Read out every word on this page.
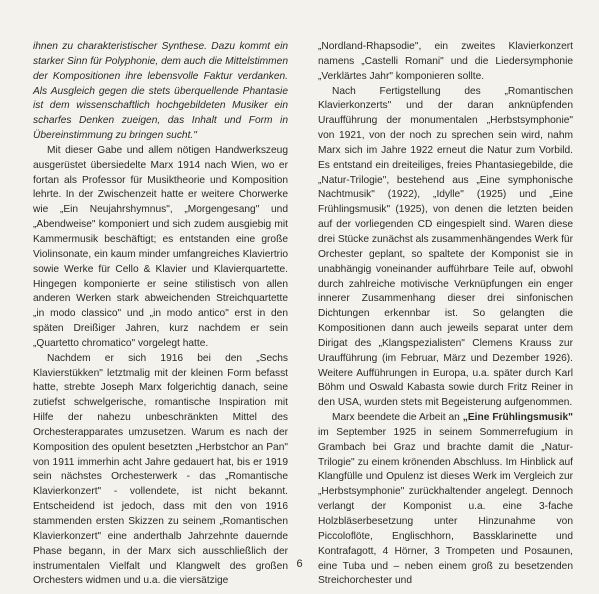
ihnen zu charakteristischer Synthese. Dazu kommt ein starker Sinn für Polyphonie, dem auch die Mittelstimmen der Kompositionen ihre lebensvolle Faktur verdanken. Als Ausgleich gegen die stets überquellende Phantasie ist dem wissenschaftlich hochgebildeten Musiker ein scharfes Denken zueigen, das Inhalt und Form in Übereinstimmung zu bringen sucht."

Mit dieser Gabe und allem nötigen Handwerkszeug ausgerüstet übersiedelte Marx 1914 nach Wien, wo er fortan als Professor für Musiktheorie und Komposition lehrte. In der Zwischenzeit hatte er weitere Chorwerke wie „Ein Neujahrshymnus", „Morgengesang" und „Abendweise" komponiert und sich zudem ausgiebig mit Kammermusik beschäftigt; es entstanden eine große Violinsonate, ein kaum minder umfangreiches Klaviertrio sowie Werke für Cello & Klavier und Klavierquartette. Hingegen komponierte er seine stilistisch von allen anderen Werken stark abweichenden Streichquartette „in modo classico" und „in modo antico" erst in den späten Dreißiger Jahren, kurz nachdem er sein „Quartetto chromatico" vorgelegt hatte.

Nachdem er sich 1916 bei den „Sechs Klavierstükken" letztmalig mit der kleinen Form befasst hatte, strebte Joseph Marx folgerichtig danach, seine zutiefst schwelgerische, romantische Inspiration mit Hilfe der nahezu unbeschränkten Mittel des Orchesterapparates umzusetzen. Warum es nach der Komposition des opulent besetzten „Herbstchor an Pan" von 1911 immerhin acht Jahre gedauert hat, bis er 1919 sein nächstes Orchesterwerk - das „Romantische Klavierkonzert" - vollendete, ist nicht bekannt. Entscheidend ist jedoch, dass mit den von 1916 stammenden ersten Skizzen zu seinem „Romantischen Klavierkonzert" eine anderthalb Jahrzehnte dauernde Phase begann, in der Marx sich ausschließlich der instrumentalen Vielfalt und Klangwelt des großen Orchesters widmen und u.a. die viersätzige

„Nordland-Rhapsodie", ein zweites Klavierkonzert namens „Castelli Romani" und die Liedersymphonie „Verklärtes Jahr" komponieren sollte.

Nach Fertigstellung des „Romantischen Klavierkonzerts" und der daran anknüpfenden Uraufführung der monumentalen „Herbstsymphonie" von 1921, von der noch zu sprechen sein wird, nahm Marx sich im Jahre 1922 erneut die Natur zum Vorbild. Es entstand ein dreiteiliges, freies Phantasiegebilde, die „Natur-Trilogie", bestehend aus „Eine symphonische Nachtmusik" (1922), „Idylle" (1925) und „Eine Frühlingsmusik" (1925), von denen die letzten beiden auf der vorliegenden CD eingespielt sind. Waren diese drei Stücke zunächst als zusammenhängendes Werk für Orchester geplant, so spaltete der Komponist sie in unabhängig voneinander aufführbare Teile auf, obwohl durch zahlreiche motivische Verknüpfungen ein enger innerer Zusammenhang dieser drei sinfonischen Dichtungen erkennbar ist. So gelangten die Kompositionen dann auch jeweils separat unter dem Dirigat des „Klangspezialisten" Clemens Krauss zur Uraufführung (im Februar, März und Dezember 1926). Weitere Aufführungen in Europa, u.a. später durch Karl Böhm und Oswald Kabasta sowie durch Fritz Reiner in den USA, wurden stets mit Begeisterung aufgenommen.

Marx beendete die Arbeit an „Eine Frühlingsmusik" im September 1925 in seinem Sommerrefugium in Grambach bei Graz und brachte damit die „Natur-Trilogie" zu einem krönenden Abschluss. Im Hinblick auf Klangfülle und Opulenz ist dieses Werk im Vergleich zur „Herbstsymphonie" zurückhaltender angelegt. Dennoch verlangt der Komponist u.a. eine 3-fache Holzbläserbesetzung unter Hinzunahme von Piccoloflöte, Englischhorn, Bassklarinette und Kontrafagott, 4 Hörner, 3 Trompeten und Posaunen, eine Tuba und – neben einem groß zu besetzenden Streichorchester und

6
